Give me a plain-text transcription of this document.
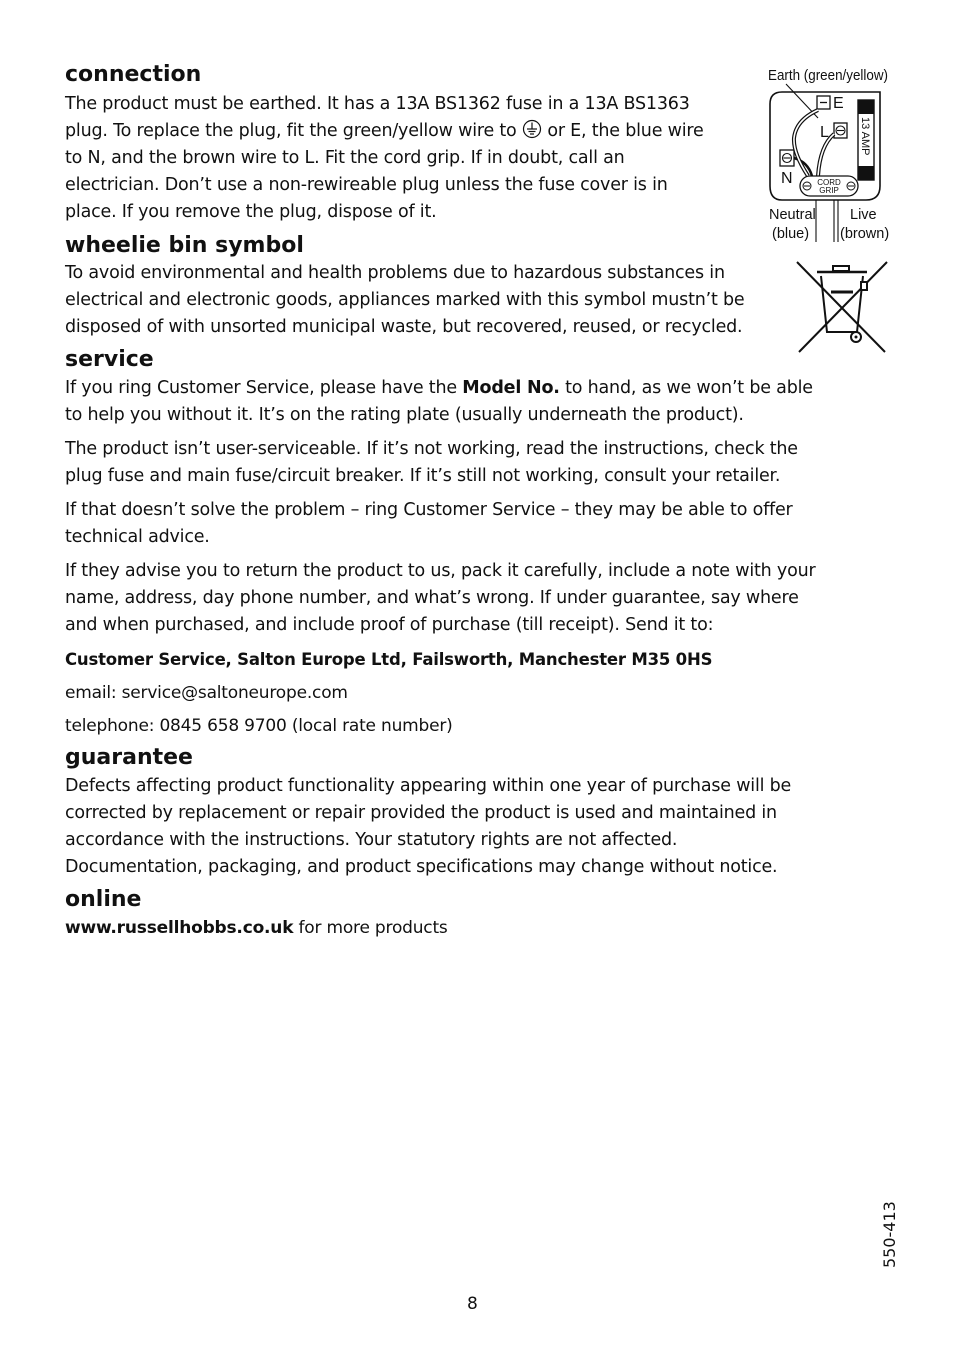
connection

The product must be earthed. It has a 13A BS1362 fuse in a 13A BS1363

plug. To replace the plug, fit the green/yellow wire to or E, the blue wire

to N, and the brown wire to L. Fit the cord grip. If in doubt, call an

electrician. Don’t use a non-rewireable plug unless the fuse cover is in

place. If you remove the plug, dispose of it.

Earth (green/yellow)
E
13 AMP
L
N	CORD
GRIP
Neutral
(blue)
Live
(brown)
wheelie bin symbol

To avoid environmental and health problems due to hazardous substances in

electrical and electronic goods, appliances marked with this symbol mustn’t be

disposed of with unsorted municipal waste, but recovered, reused, or recycled.

service

If you ring Customer Service, please have the Model No. to hand, as we won’t be able

to help you without it. It’s on the rating plate (usually underneath the product).

The product isn’t user-serviceable. If it’s not working, read the instructions, check the

plug fuse and main fuse/circuit breaker. If it’s still not working, consult your retailer.

If that doesn’t solve the problem – ring Customer Service – they may be able to offer

technical advice.

If they advise you to return the product to us, pack it carefully, include a note with your

name, address, day phone number, and what’s wrong. If under guarantee, say where

and when purchased, and include proof of purchase (till receipt). Send it to:

Customer Service, Salton Europe Ltd, Failsworth, Manchester M35 0HS

email: service@saltoneurope.com

telephone: 0845 658 9700 (local rate number)

guarantee

Defects affecting product functionality appearing within one year of purchase will be

corrected by replacement or repair provided the product is used and maintained in

accordance with the instructions. Your statutory rights are not affected.

Documentation, packaging, and product specifications may change without notice.

online

www.russellhobbs.co.uk for more products

550-413
8
